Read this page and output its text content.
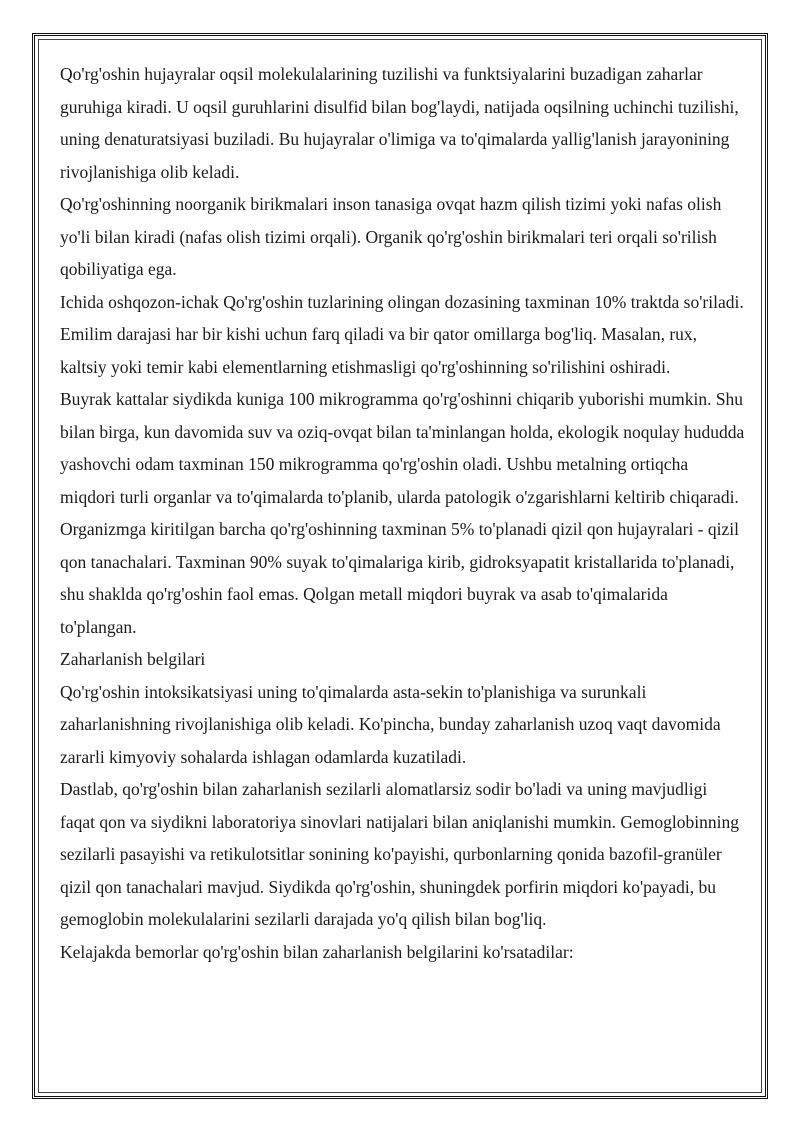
Qo'rg'oshin hujayralar oqsil molekulalarining tuzilishi va funktsiyalarini buzadigan zaharlar guruhiga kiradi. U oqsil guruhlarini disulfid bilan bog'laydi, natijada oqsilning uchinchi tuzilishi, uning denaturatsiyasi buziladi. Bu hujayralar o'limiga va to'qimalarda yallig'lanish jarayonining rivojlanishiga olib keladi.

Qo'rg'oshinning noorganik birikmalari inson tanasiga ovqat hazm qilish tizimi yoki nafas olish yo'li bilan kiradi (nafas olish tizimi orqali). Organik qo'rg'oshin birikmalari teri orqali so'rilish qobiliyatiga ega.

Ichida oshqozon-ichak Qo'rg'oshin tuzlarining olingan dozasining taxminan 10% traktda so'riladi. Emilim darajasi har bir kishi uchun farq qiladi va bir qator omillarga bog'liq. Masalan, rux, kaltsiy yoki temir kabi elementlarning etishmasligi qo'rg'oshinning so'rilishini oshiradi.

Buyrak kattalar siydikda kuniga 100 mikrogramma qo'rg'oshinni chiqarib yuborishi mumkin. Shu bilan birga, kun davomida suv va oziq-ovqat bilan ta'minlangan holda, ekologik noqulay hududda yashovchi odam taxminan 150 mikrogramma qo'rg'oshin oladi. Ushbu metalning ortiqcha miqdori turli organlar va to'qimalarda to'planib, ularda patologik o'zgarishlarni keltirib chiqaradi.

Organizmga kiritilgan barcha qo'rg'oshinning taxminan 5% to'planadi qizil qon hujayralari - qizil qon tanachalari. Taxminan 90% suyak to'qimalariga kirib, gidroksyapatit kristallarida to'planadi, shu shaklda qo'rg'oshin faol emas. Qolgan metall miqdori buyrak va asab to'qimalarida to'plangan.

Zaharlanish belgilari

Qo'rg'oshin intoksikatsiyasi uning to'qimalarda asta-sekin to'planishiga va surunkali zaharlanishning rivojlanishiga olib keladi. Ko'pincha, bunday zaharlanish uzoq vaqt davomida zararli kimyoviy sohalarda ishlagan odamlarda kuzatiladi.

Dastlab, qo'rg'oshin bilan zaharlanish sezilarli alomatlarsiz sodir bo'ladi va uning mavjudligi faqat qon va siydikni laboratoriya sinovlari natijalari bilan aniqlanishi mumkin. Gemoglobinning sezilarli pasayishi va retikulotsitlar sonining ko'payishi, qurbonlarning qonida bazofil-granüler qizil qon tanachalari mavjud. Siydikda qo'rg'oshin, shuningdek porfirin miqdori ko'payadi, bu gemoglobin molekulalarini sezilarli darajada yo'q qilish bilan bog'liq.

Kelajakda bemorlar qo'rg'oshin bilan zaharlanish belgilarini ko'rsatadilar:
